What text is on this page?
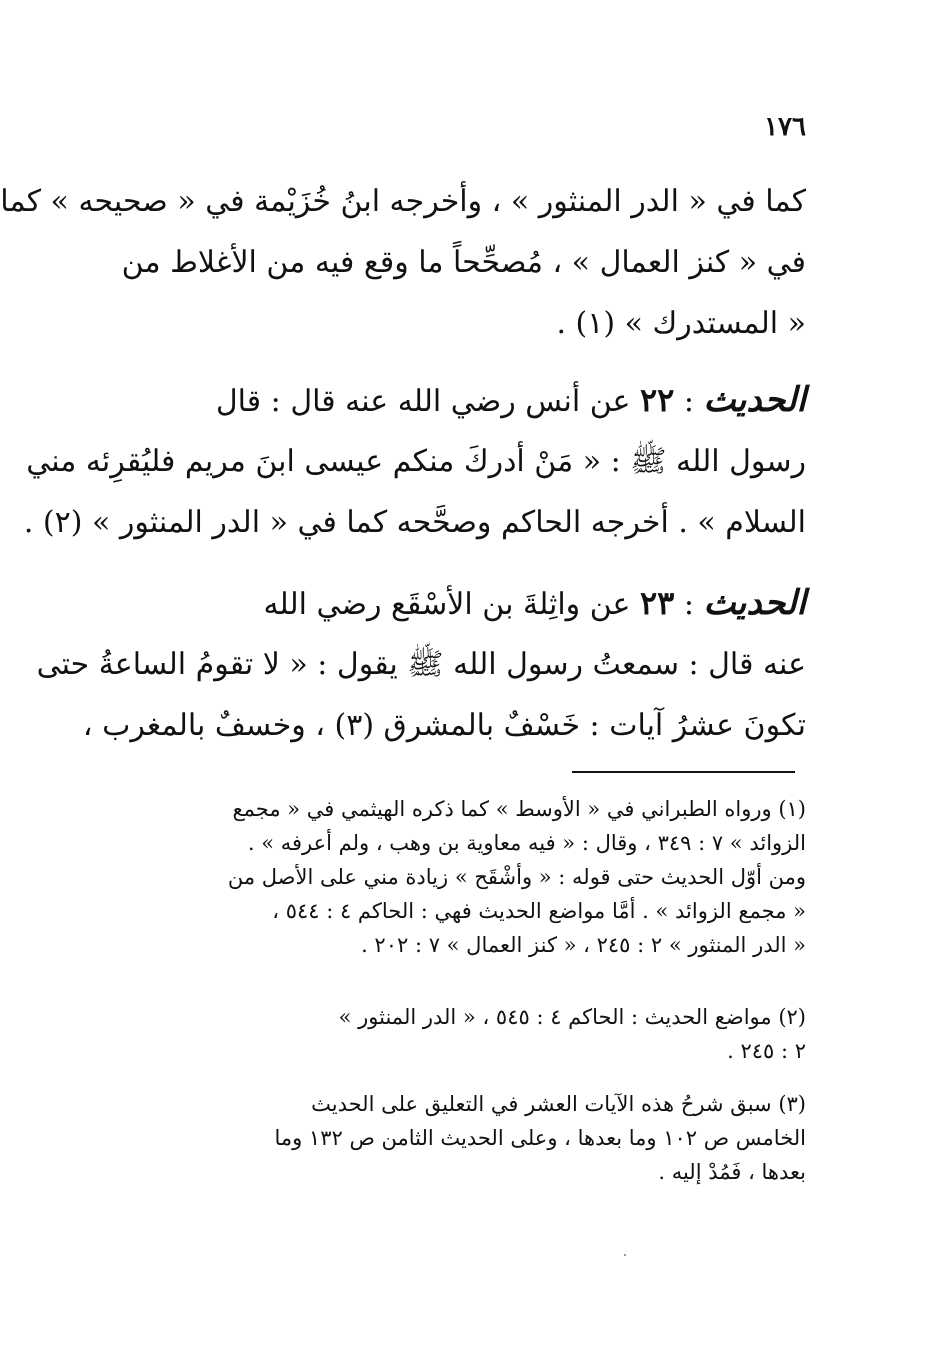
١٧٦
كما في « الدر المنثور » ، وأخرجه ابنُ خُزَيْمة في « صحيحه » كما
في « كنز العمال » ، مُصحِّحاً ما وقع فيه من الأغلاط من
« المستدرك » (١) .
الحديث : ٢٢ عن أنس رضي الله عنه قال : قال
رسول الله ﷺ : « مَنْ أدركَ منكم عيسى ابنَ مريم فليُقرِئه مني
السلام » . أخرجه الحاكم وصحَّحه كما في « الدر المنثور » (٢) .
الحديث : ٢٣ عن واثِلةَ بن الأسْقَع رضي الله
عنه قال : سمعتُ رسول الله ﷺ يقول : « لا تقومُ الساعةُ حتى
تكونَ عشرُ آيات : خَسْفٌ بالمشرق (٣) ، وخسفٌ بالمغرب ،
(١) ورواه الطبراني في « الأوسط » كما ذكره الهيثمي في « مجمع
الزوائد » ٧ : ٣٤٩ ، وقال : « فيه معاوية بن وهب ، ولم أعرفه » .
ومن أوّل الحديث حتى قوله : « وأشْقَح » زيادة مني على الأصل من
« مجمع الزوائد » . أمَّا مواضع الحديث فهي : الحاكم ٤ : ٥٤٤ ،
« الدر المنثور » ٢ : ٢٤٥ ، « كنز العمال » ٧ : ٢٠٢ .
(٢) مواضع الحديث : الحاكم ٤ : ٥٤٥ ، « الدر المنثور »
٢ : ٢٤٥ .
(٣) سبق شرحُ هذه الآيات العشر في التعليق على الحديث
الخامس ص ١٠٢ وما بعدها ، وعلى الحديث الثامن ص ١٣٢ وما
بعدها ، فَمُدْ إليه .
